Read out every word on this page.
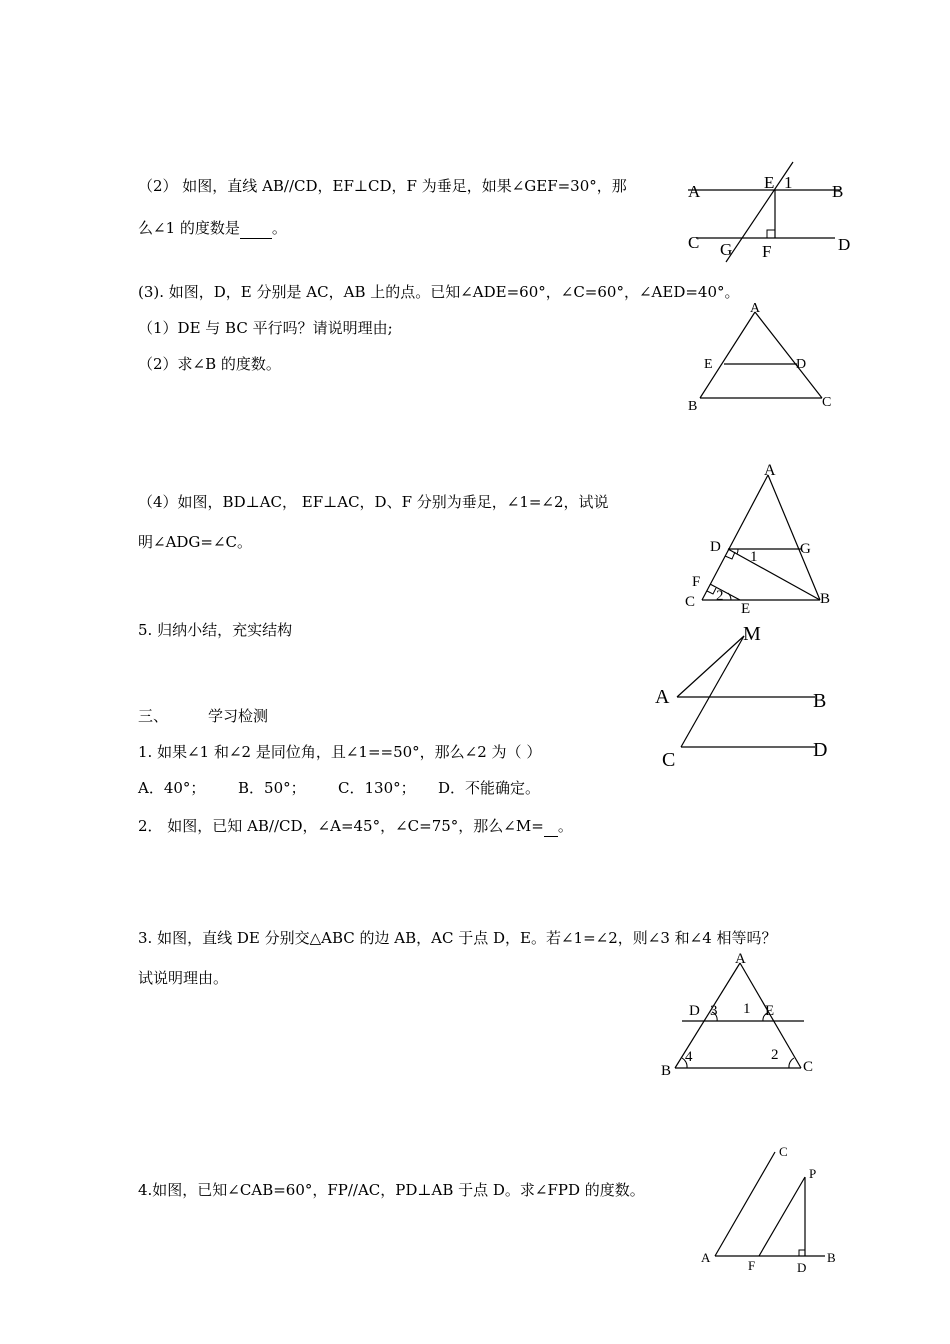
（2） 如图，直线 AB//CD，EF⊥CD，F 为垂足，如果∠GEF=30°，那
么∠1 的度数是 。
A	E 1 B
C G F	D
(3). 如图，D，E 分别是 AC，AB 上的点。已知∠ADE=60°，∠C=60°，∠AED=40°。
（1）DE 与 BC 平行吗？请说明理由;
（2）求∠B 的度数。
A
E	D
B	C
（4）如图，BD⊥AC， EF⊥AC，D、F 分别为垂足，∠1=∠2，试说
明∠ADG=∠C。
A
D
1	G
F
2
C	E
B
5. 归纳小结，充实结构	M
A	B
C	D
三、	学习检测
1. 如果∠1 和∠2 是同位角，且∠1==50°，那么∠2 为（ ）
A．40°； B．50°； C．130°； D．不能确定。
2． 如图，已知 AB//CD，∠A=45°，∠C=75°，那么∠M= 。
3. 如图，直线 DE 分别交△ABC 的边 AB，AC 于点 D，E。若∠1=∠2，则∠3 和∠4 相等吗？
试说明理由。
A
D 3 1 E
4	2
B	C
4.如图，已知∠CAB=60°，FP//AC，PD⊥AB 于点 D。求∠FPD 的度数。
C
P
A
F	D
B
